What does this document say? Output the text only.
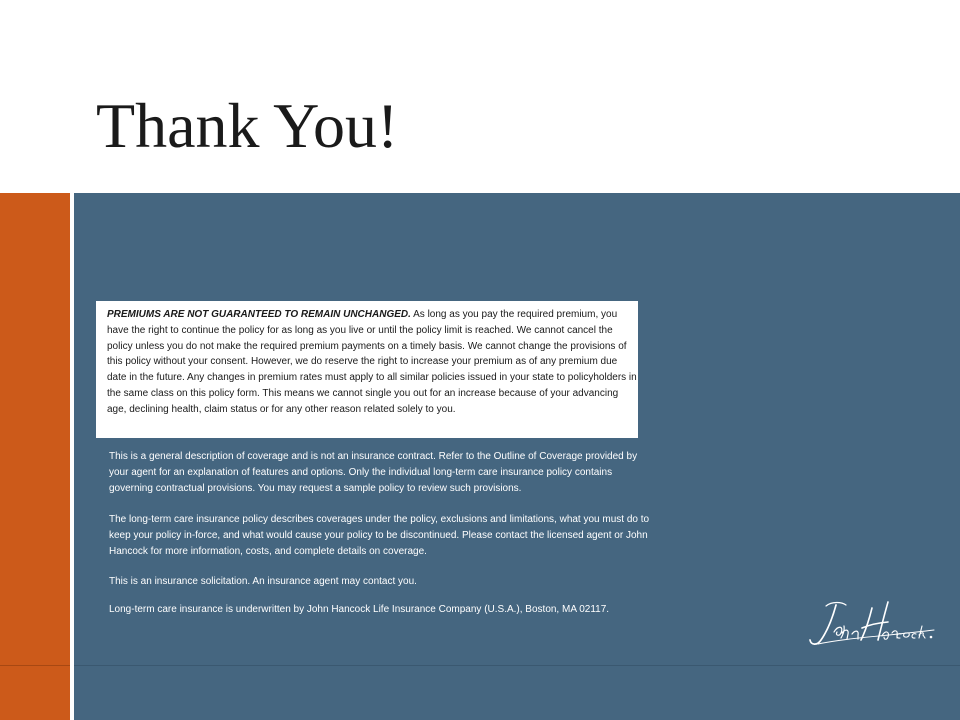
Thank You!

PREMIUMS ARE NOT GUARANTEED TO REMAIN UNCHANGED. As long as you pay the required premium, you have the right to continue the policy for as long as you live or until the policy limit is reached. We cannot cancel the policy unless you do not make the required premium payments on a timely basis. We cannot change the provisions of this policy without your consent. However, we do reserve the right to increase your premium as of any premium due date in the future. Any changes in premium rates must apply to all similar policies issued in your state to policyholders in the same class on this policy form. This means we cannot single you out for an increase because of your advancing age, declining health, claim status or for any other reason related solely to you.

This is a general description of coverage and is not an insurance contract. Refer to the Outline of Coverage provided by your agent for an explanation of features and options. Only the individual long-term care insurance policy contains governing contractual provisions. You may request a sample policy to review such provisions.

The long-term care insurance policy describes coverages under the policy, exclusions and limitations, what you must do to keep your policy in-force, and what would cause your policy to be discontinued. Please contact the licensed agent or John Hancock for more information, costs, and complete details on coverage.

This is an insurance solicitation. An insurance agent may contact you.

Long-term care insurance is underwritten by John Hancock Life Insurance Company (U.S.A.), Boston, MA 02117.
